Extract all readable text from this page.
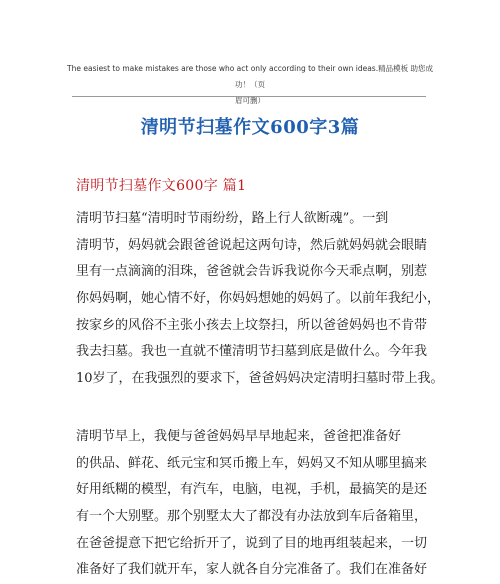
The easiest to make mistakes are those who act only according to their own ideas.精品模板 助您成功！（页
眉可删）
清明节扫墓作文600字3篇
清明节扫墓作文600字 篇1
清明节扫墓“清明时节雨纷纷，路上行人欲断魂”。一到
清明节，妈妈就会跟爸爸说起这两句诗，然后就妈妈就会眼睛
里有一点滴滴的泪珠，爸爸就会告诉我说你今天乖点啊，别惹
你妈妈啊，她心情不好，你妈妈想她的妈妈了。以前年我纪小，
按家乡的风俗不主张小孩去上坟祭扫，所以爸爸妈妈也不肯带
我去扫墓。我也一直就不懂清明节扫墓到底是做什么。今年我
10岁了，在我强烈的要求下，爸爸妈妈决定清明扫墓时带上我。
清明节早上，我便与爸爸妈妈早早地起来，爸爸把准备好
的供品、鲜花、纸元宝和冥币搬上车，妈妈又不知从哪里搞来
好用纸糊的模型，有汽车，电脑，电视，手机，最搞笑的是还
有一个大别墅。那个别墅太大了都没有办法放到车后备箱里，
在爸爸提意下把它给折开了，说到了目的地再组装起来，一切
准备好了我们就开车，家人就各自分完准备了。我们在准备好
